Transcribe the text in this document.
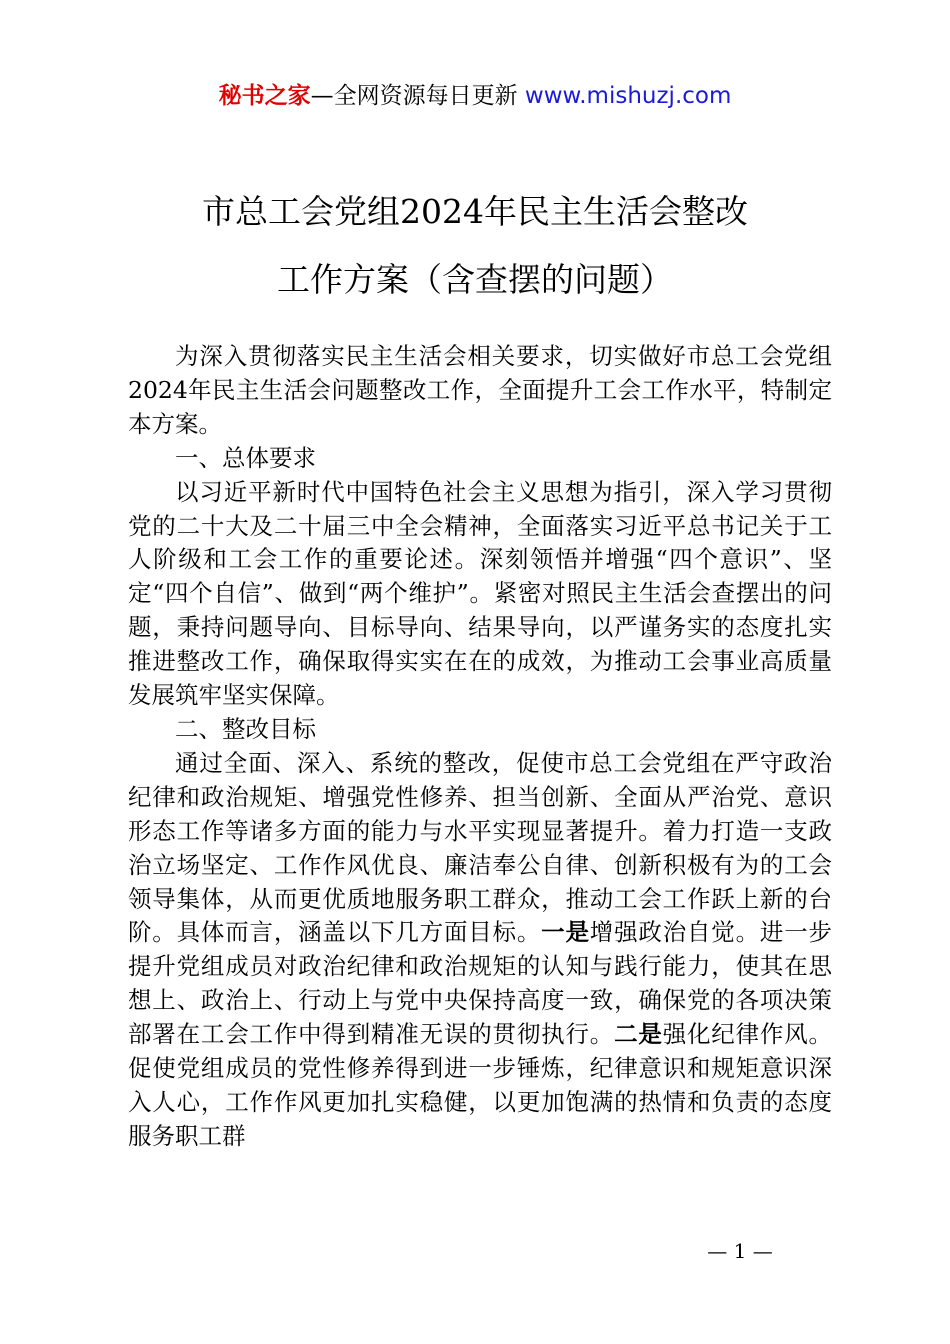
秘书之家—全网资源每日更新 www.mishuzj.com
市总工会党组2024年民主生活会整改
工作方案（含查摆的问题）

为深入贯彻落实民主生活会相关要求，切实做好市总工会党组2024年民主生活会问题整改工作，全面提升工会工作水平，特制定本方案。

一、总体要求

以习近平新时代中国特色社会主义思想为指引，深入学习贯彻党的二十大及二十届三中全会精神，全面落实习近平总书记关于工人阶级和工会工作的重要论述。深刻领悟并增强“四个意识”、坚定“四个自信”、做到“两个维护”。紧密对照民主生活会查摆出的问题，秉持问题导向、目标导向、结果导向，以严谨务实的态度扎实推进整改工作，确保取得实实在在的成效，为推动工会事业高质量发展筑牢坚实保障。

二、整改目标

通过全面、深入、系统的整改，促使市总工会党组在严守政治纪律和政治规矩、增强党性修养、担当创新、全面从严治党、意识形态工作等诸多方面的能力与水平实现显著提升。着力打造一支政治立场坚定、工作作风优良、廉洁奉公自律、创新积极有为的工会领导集体，从而更优质地服务职工群众，推动工会工作跃上新的台阶。具体而言，涵盖以下几方面目标。一是增强政治自觉。进一步提升党组成员对政治纪律和政治规矩的认知与践行能力，使其在思想上、政治上、行动上与党中央保持高度一致，确保党的各项决策部署在工会工作中得到精准无误的贯彻执行。二是强化纪律作风。促使党组成员的党性修养得到进一步锤炼，纪律意识和规矩意识深入人心，工作作风更加扎实稳健，以更加饱满的热情和负责的态度服务职工群

— 1 —
